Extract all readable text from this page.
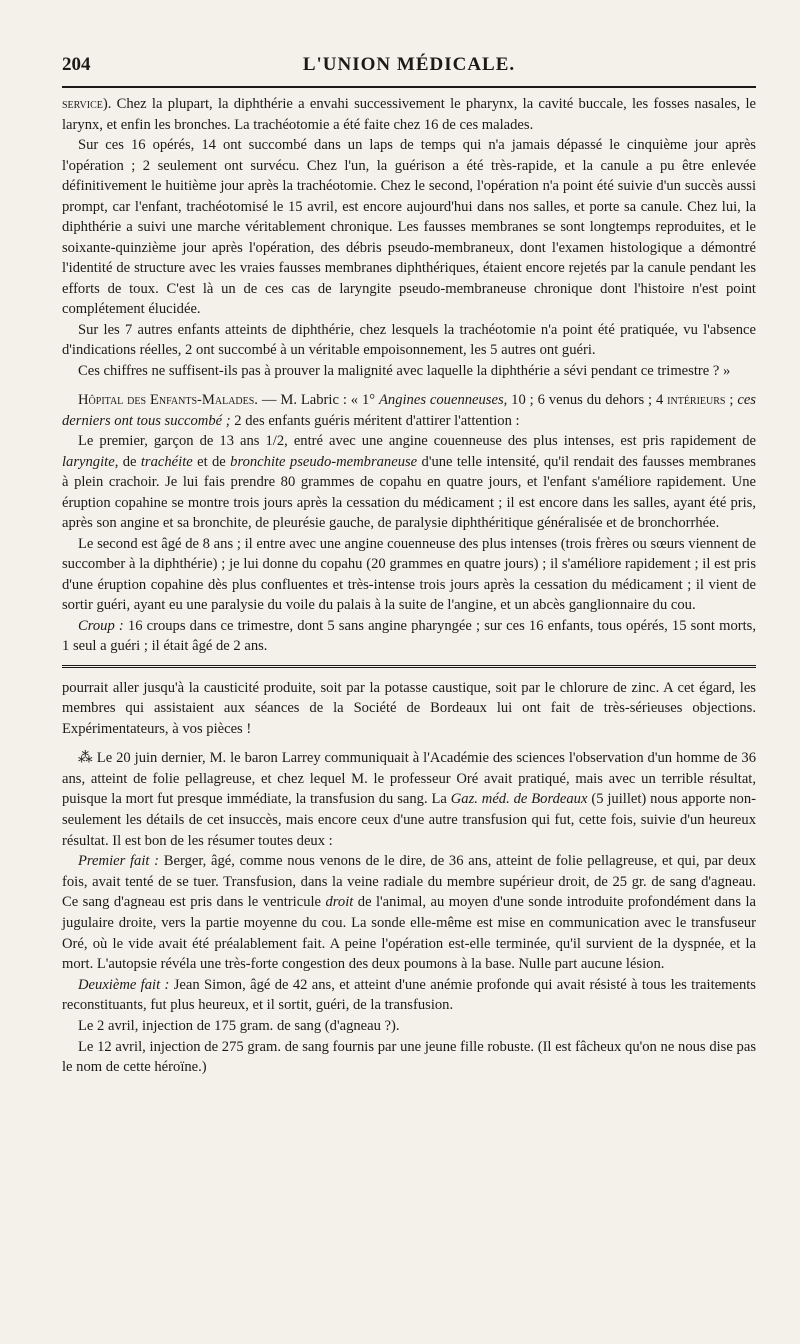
L'UNION MÉDICALE.
204

service). Chez la plupart, la diphthérie a envahi successivement le pharynx, la cavité buccale, les fosses nasales, le larynx, et enfin les bronches. La trachéotomie a été faite chez 16 de ces malades.

Sur ces 16 opérés, 14 ont succombé dans un laps de temps qui n'a jamais dépassé le cinquième jour après l'opération ; 2 seulement ont survécu. Chez l'un, la guérison a été très-rapide, et la canule a pu être enlevée définitivement le huitième jour après la trachéotomie. Chez le second, l'opération n'a point été suivie d'un succès aussi prompt, car l'enfant, trachéotomisé le 15 avril, est encore aujourd'hui dans nos salles, et porte sa canule. Chez lui, la diphthérie a suivi une marche véritablement chronique. Les fausses membranes se sont longtemps reproduites, et le soixante-quinzième jour après l'opération, des débris pseudo-membraneux, dont l'examen histologique a démontré l'identité de structure avec les vraies fausses membranes diphthériques, étaient encore rejetés par la canule pendant les efforts de toux. C'est là un de ces cas de laryngite pseudo-membraneuse chronique dont l'histoire n'est point complétement élucidée.

Sur les 7 autres enfants atteints de diphthérie, chez lesquels la trachéotomie n'a point été pratiquée, vu l'absence d'indications réelles, 2 ont succombé à un véritable empoisonnement, les 5 autres ont guéri.

Ces chiffres ne suffisent-ils pas à prouver la malignité avec laquelle la diphthérie a sévi pendant ce trimestre ? »

Hôpital des Enfants-Malades. — M. Labric : « 1° Angines couenneuses, 10 ; 6 venus du dehors ; 4 intérieurs ; ces derniers ont tous succombé ; 2 des enfants guéris méritent d'attirer l'attention :

Le premier, garçon de 13 ans 1/2, entré avec une angine couenneuse des plus intenses, est pris rapidement de laryngite, de trachéite et de bronchite pseudo-membraneuse d'une telle intensité, qu'il rendait des fausses membranes à plein crachoir. Je lui fais prendre 80 grammes de copahu en quatre jours, et l'enfant s'améliore rapidement. Une éruption copahine se montre trois jours après la cessation du médicament ; il est encore dans les salles, ayant été pris, après son angine et sa bronchite, de pleurésie gauche, de paralysie diphthéritique généralisée et de bronchorrhée.

Le second est âgé de 8 ans ; il entre avec une angine couenneuse des plus intenses (trois frères ou sœurs viennent de succomber à la diphthérie) ; je lui donne du copahu (20 grammes en quatre jours) ; il s'améliore rapidement ; il est pris d'une éruption copahine dès plus confluentes et très-intense trois jours après la cessation du médicament ; il vient de sortir guéri, ayant eu une paralysie du voile du palais à la suite de l'angine, et un abcès ganglionnaire du cou.

Croup : 16 croups dans ce trimestre, dont 5 sans angine pharyngée ; sur ces 16 enfants, tous opérés, 15 sont morts, 1 seul a guéri ; il était âgé de 2 ans.

pourrait aller jusqu'à la causticité produite, soit par la potasse caustique, soit par le chlorure de zinc. A cet égard, les membres qui assistaient aux séances de la Société de Bordeaux lui ont fait de très-sérieuses objections. Expérimentateurs, à vos pièces !

⁂ Le 20 juin dernier, M. le baron Larrey communiquait à l'Académie des sciences l'observation d'un homme de 36 ans, atteint de folie pellagreuse, et chez lequel M. le professeur Oré avait pratiqué, mais avec un terrible résultat, puisque la mort fut presque immédiate, la transfusion du sang. La Gaz. méd. de Bordeaux (5 juillet) nous apporte non-seulement les détails de cet insuccès, mais encore ceux d'une autre transfusion qui fut, cette fois, suivie d'un heureux résultat. Il est bon de les résumer toutes deux :

Premier fait : Berger, âgé, comme nous venons de le dire, de 36 ans, atteint de folie pellagreuse, et qui, par deux fois, avait tenté de se tuer. Transfusion, dans la veine radiale du membre supérieur droit, de 25 gr. de sang d'agneau. Ce sang d'agneau est pris dans le ventricule droit de l'animal, au moyen d'une sonde introduite profondément dans la jugulaire droite, vers la partie moyenne du cou. La sonde elle-même est mise en communication avec le transfuseur Oré, où le vide avait été préalablement fait. A peine l'opération est-elle terminée, qu'il survient de la dyspnée, et la mort. L'autopsie révéla une très-forte congestion des deux poumons à la base. Nulle part aucune lésion.

Deuxième fait : Jean Simon, âgé de 42 ans, et atteint d'une anémie profonde qui avait résisté à tous les traitements reconstituants, fut plus heureux, et il sortit, guéri, de la transfusion.

Le 2 avril, injection de 175 gram. de sang (d'agneau ?).

Le 12 avril, injection de 275 gram. de sang fournis par une jeune fille robuste. (Il est fâcheux qu'on ne nous dise pas le nom de cette héroïne.)
